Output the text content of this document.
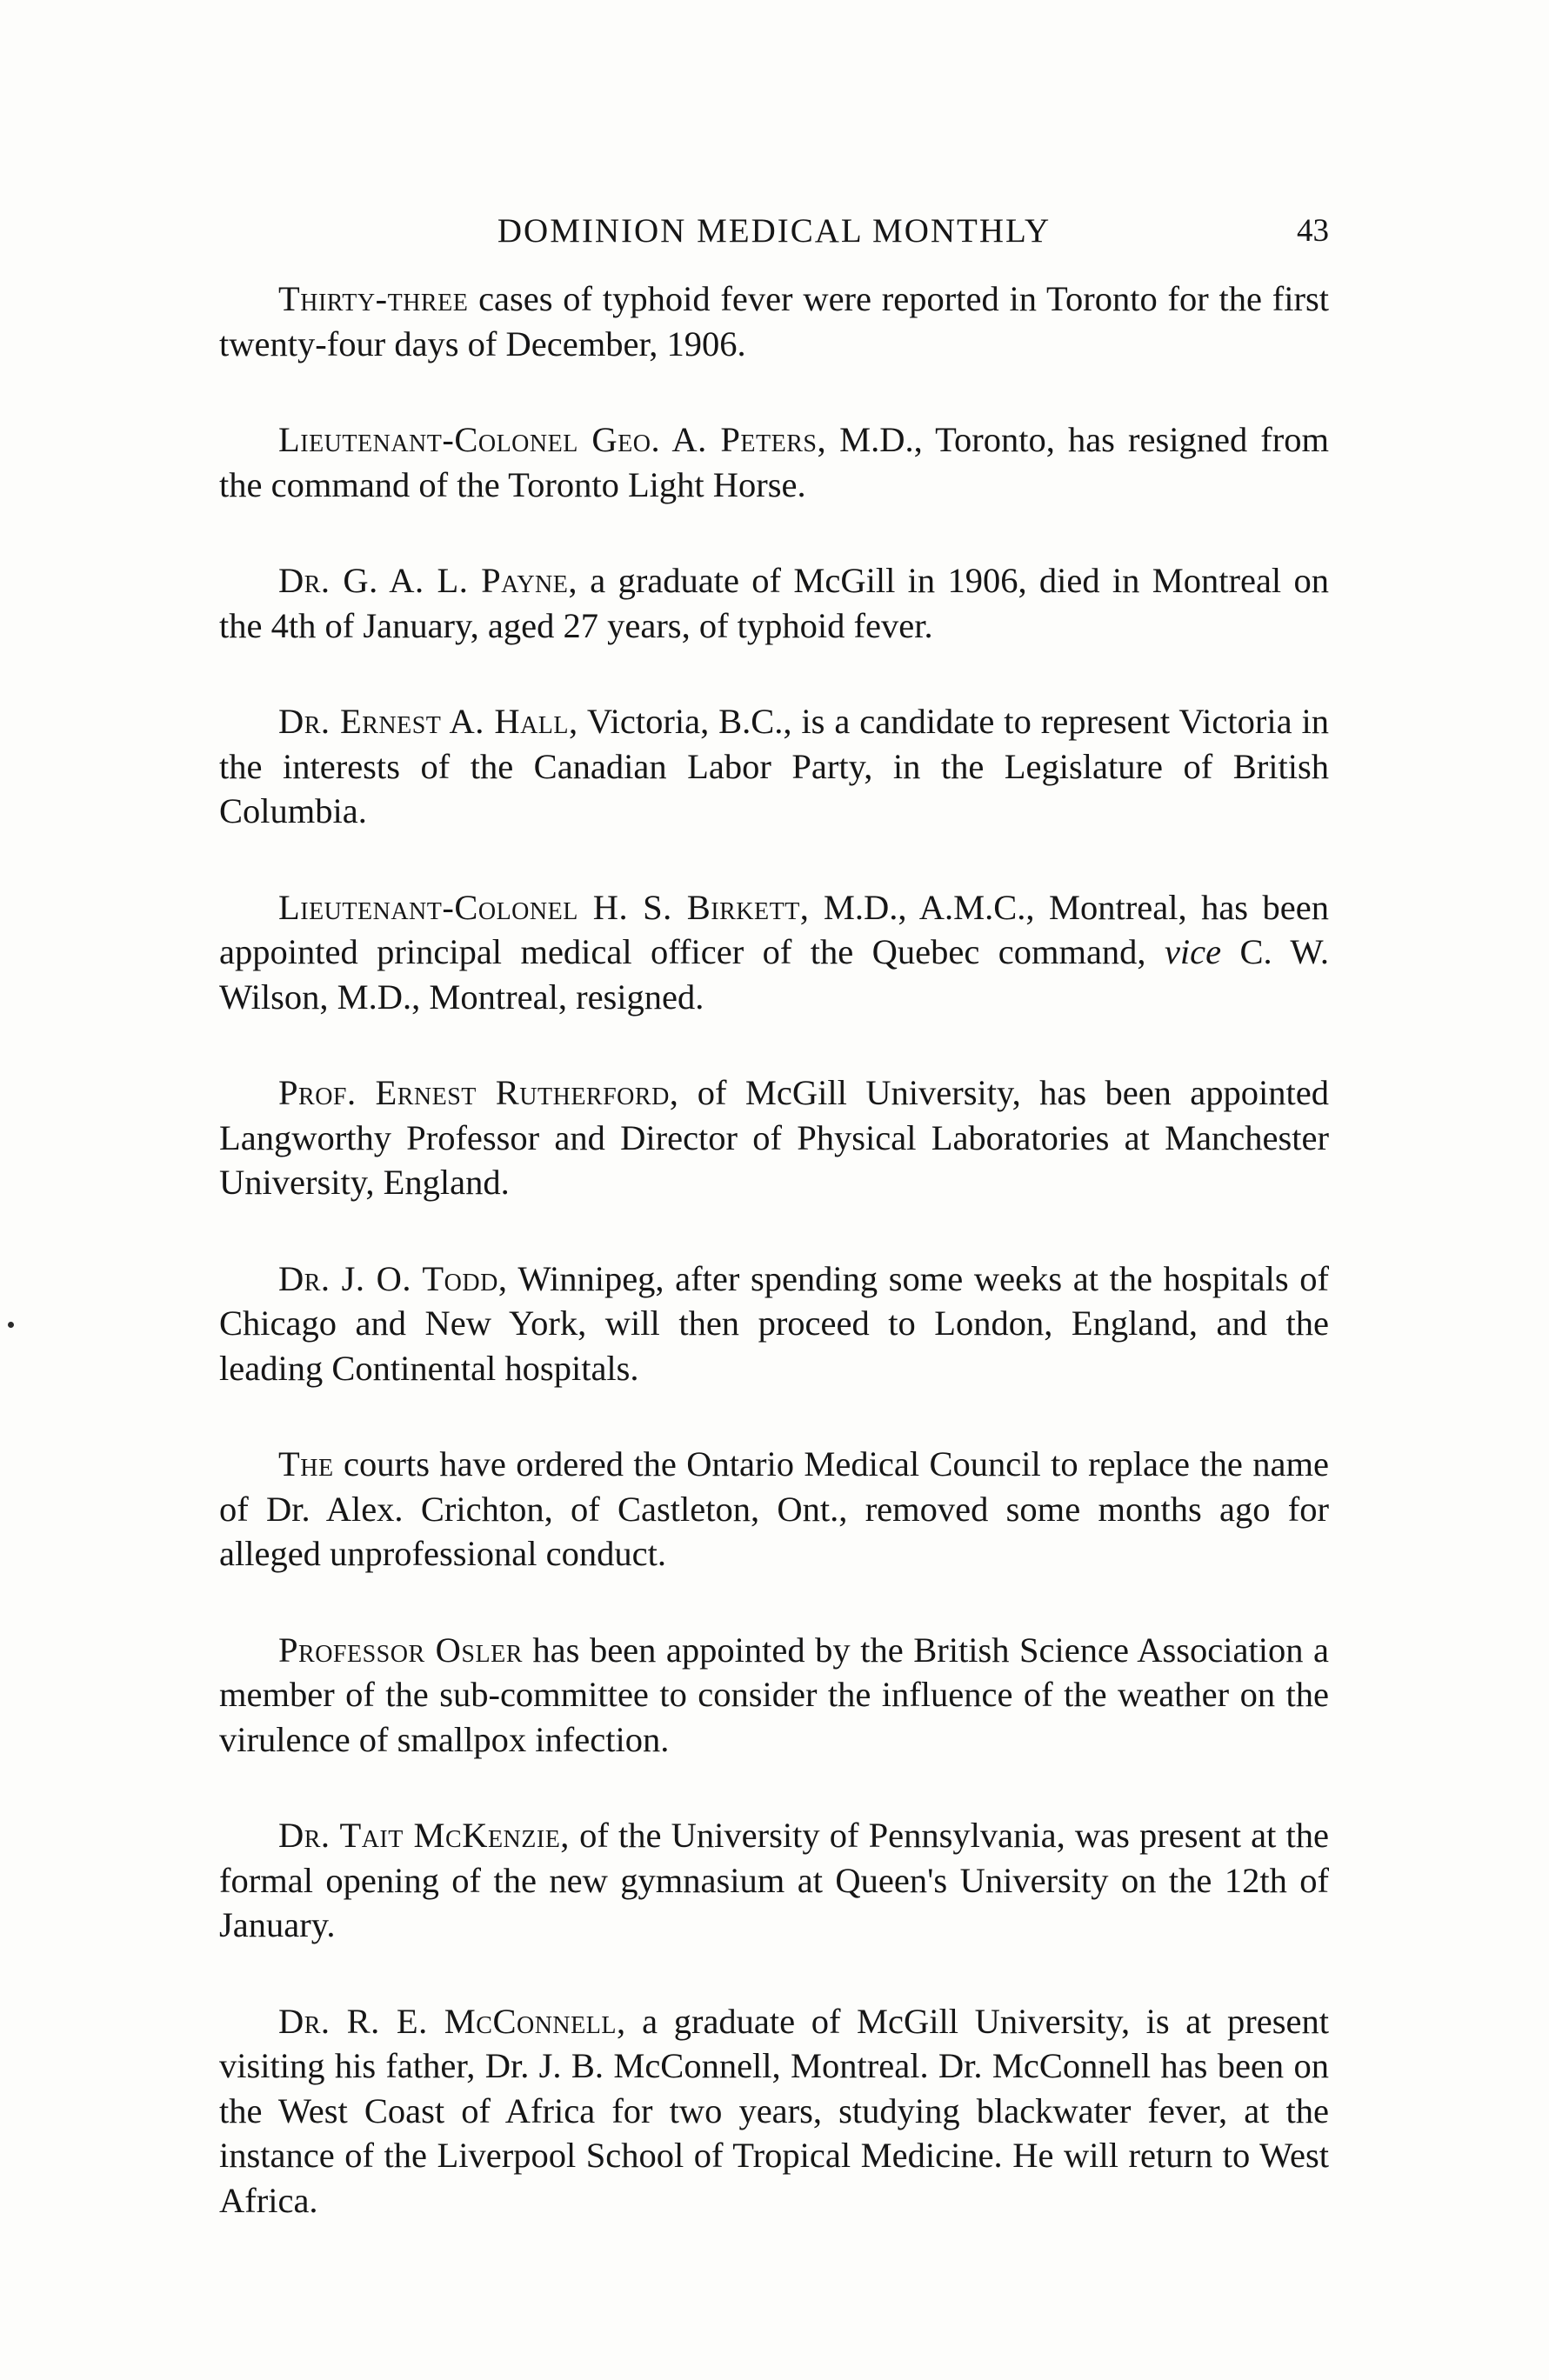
DOMINION MEDICAL MONTHLY	43

Thirty-three cases of typhoid fever were reported in Toronto for the first twenty-four days of December, 1906.

Lieutenant-Colonel Geo. A. Peters, M.D., Toronto, has resigned from the command of the Toronto Light Horse.

Dr. G. A. L. Payne, a graduate of McGill in 1906, died in Montreal on the 4th of January, aged 27 years, of typhoid fever.

Dr. Ernest A. Hall, Victoria, B.C., is a candidate to represent Victoria in the interests of the Canadian Labor Party, in the Legislature of British Columbia.

Lieutenant-Colonel H. S. Birkett, M.D., A.M.C., Montreal, has been appointed principal medical officer of the Quebec command, vice C. W. Wilson, M.D., Montreal, resigned.

Prof. Ernest Rutherford, of McGill University, has been appointed Langworthy Professor and Director of Physical Laboratories at Manchester University, England.

Dr. J. O. Todd, Winnipeg, after spending some weeks at the hospitals of Chicago and New York, will then proceed to London, England, and the leading Continental hospitals.

The courts have ordered the Ontario Medical Council to replace the name of Dr. Alex. Crichton, of Castleton, Ont., removed some months ago for alleged unprofessional conduct.

Professor Osler has been appointed by the British Science Association a member of the sub-committee to consider the influence of the weather on the virulence of smallpox infection.

Dr. Tait McKenzie, of the University of Pennsylvania, was present at the formal opening of the new gymnasium at Queen's University on the 12th of January.

Dr. R. E. McConnell, a graduate of McGill University, is at present visiting his father, Dr. J. B. McConnell, Montreal. Dr. McConnell has been on the West Coast of Africa for two years, studying blackwater fever, at the instance of the Liverpool School of Tropical Medicine. He will return to West Africa.
